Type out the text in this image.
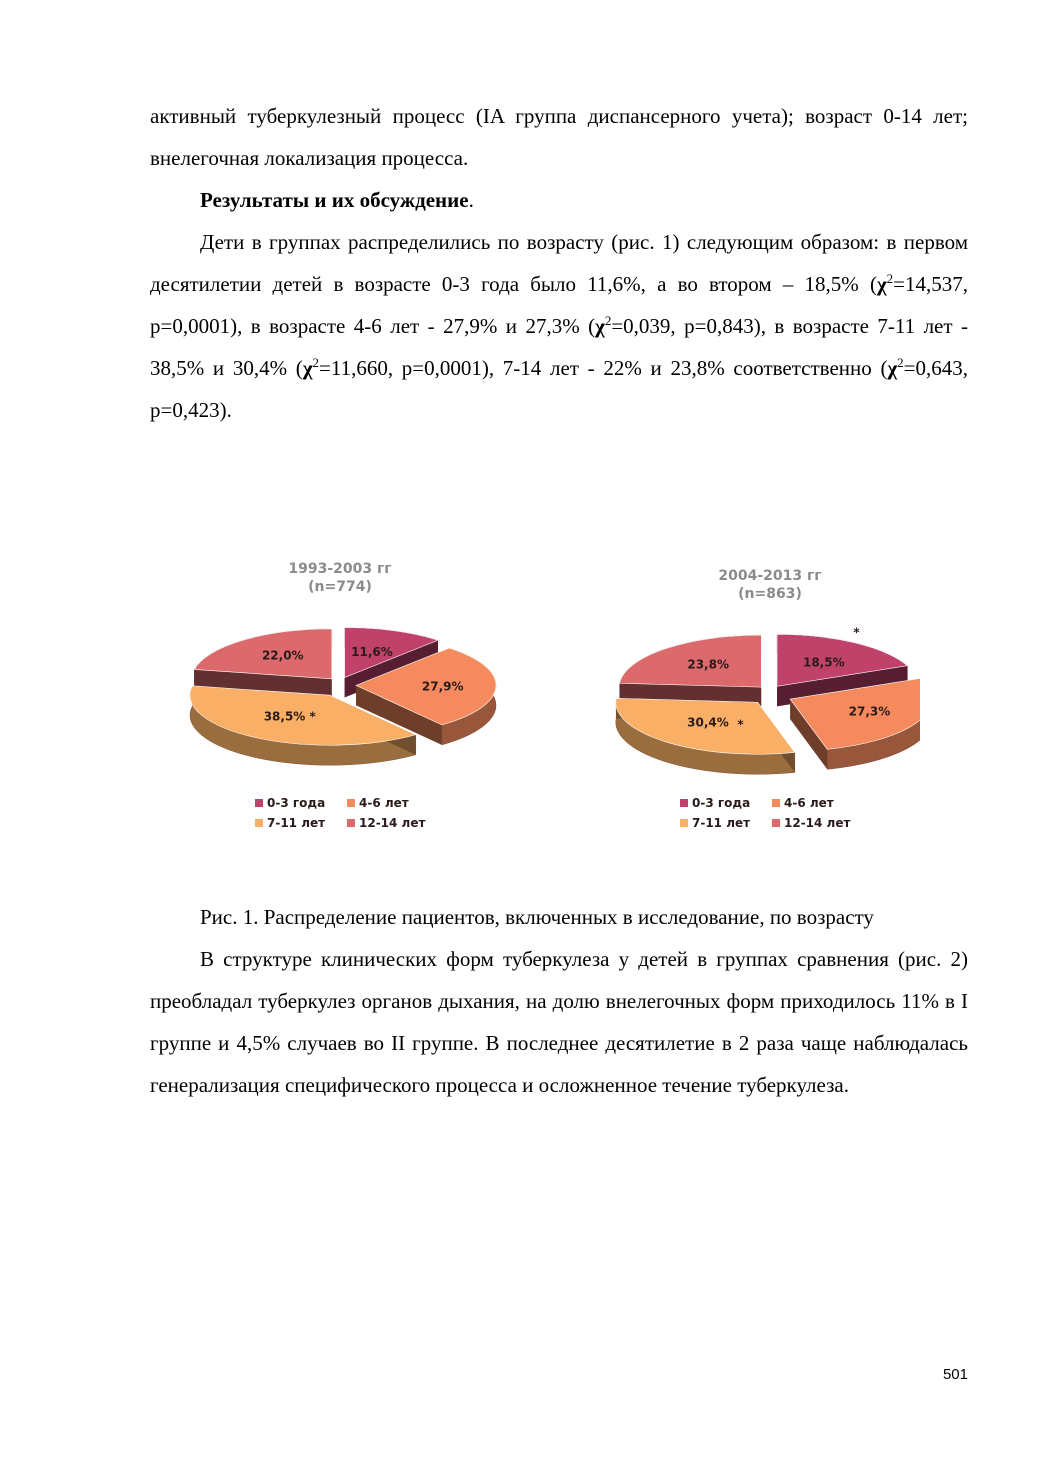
активный туберкулезный процесс (IA группа диспансерного учета); возраст 0-14 лет; внелегочная локализация процесса.

Результаты и их обсуждение.

Дети в группах распределились по возрасту (рис. 1) следующим образом: в первом десятилетии детей в возрасте 0-3 года было 11,6%, а во втором – 18,5% ($\chi^2=14,537$, p=0,0001), в возрасте 4-6 лет - 27,9% и 27,3% ($\chi^2=0,039$, p=0,843), в возрасте 7-11 лет - 38,5% и 30,4% ($\chi^2=11,660$, p=0,0001), 7-14 лет - 22% и 23,8% соответственно ($\chi^2=0,643$, p=0,423).

1993-2003 гг
(n=774)
11,6%
27,9%
38,5% *
22,0%
0-3 года	4-6 лет
7-11 лет	12-14 лет
2004-2013 гг
(n=863)
18,5%
*
27,3%
30,4% *
23,8%
0-3 года	4-6 лет
7-11 лет	12-14 лет

Рис. 1. Распределение пациентов, включенных в исследование, по возрасту

В структуре клинических форм туберкулеза у детей в группах сравнения (рис. 2) преобладал туберкулез органов дыхания, на долю внелегочных форм приходилось 11% в I группе и 4,5% случаев во II группе. В последнее десятилетие в 2 раза чаще наблюдалась генерализация специфического процесса и осложненное течение туберкулеза.

501
